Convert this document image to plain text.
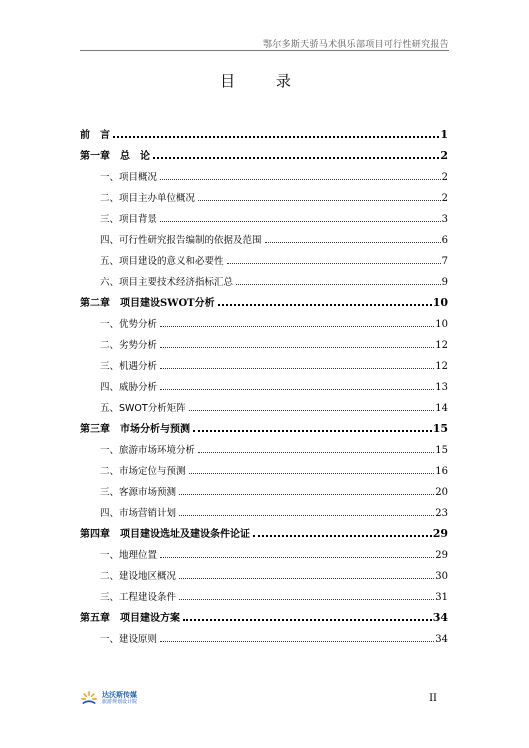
鄂尔多斯天骄马术俱乐部项目可行性研究报告
目 录
前　言	1
第一章　总　论	2
一、项目概况	2
二、项目主办单位概况	2
三、项目背景	3
四、可行性研究报告编制的依据及范围	6
五、项目建设的意义和必要性	7
六、项目主要技术经济指标汇总	9
第二章　项目建设SWOT分析	10
一、优势分析	10
二、劣势分析	12
三、机遇分析	12
四、威胁分析	13
五、SWOT分析矩阵	14
第三章　市场分析与预测	15
一、旅游市场环境分析	15
二、市场定位与预测	16
三、客源市场预测	20
四、市场营销计划	23
第四章　项目建设选址及建设条件论证	29
一、地理位置	29
二、建设地区概况	30
三、工程建设条件	31
第五章　项目建设方案	34
一、建设原则	34
达沃斯传媒
旅游规划设计院	II
